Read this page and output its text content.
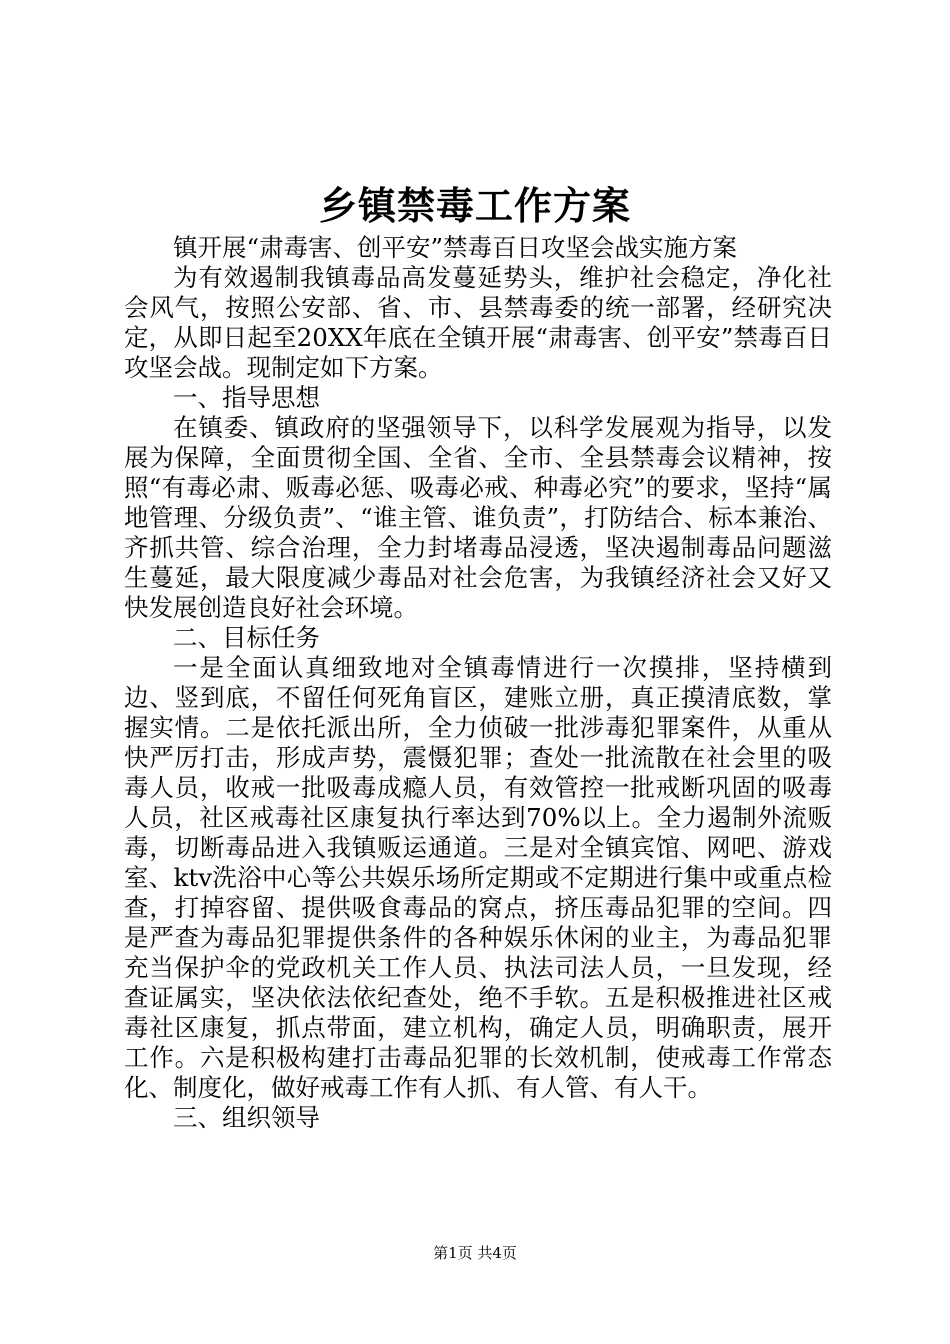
乡镇禁毒工作方案

镇开展“肃毒害、创平安”禁毒百日攻坚会战实施方案

为有效遏制我镇毒品高发蔓延势头，维护社会稳定，净化社会风气，按照公安部、省、市、县禁毒委的统一部署，经研究决定，从即日起至20XX年底在全镇开展“肃毒害、创平安”禁毒百日攻坚会战。现制定如下方案。

一、指导思想

在镇委、镇政府的坚强领导下，以科学发展观为指导，以发展为保障，全面贯彻全国、全省、全市、全县禁毒会议精神，按照“有毒必肃、贩毒必惩、吸毒必戒、种毒必究”的要求，坚持“属地管理、分级负责”、“谁主管、谁负责”，打防结合、标本兼治、齐抓共管、综合治理，全力封堵毒品浸透，坚决遏制毒品问题滋生蔓延，最大限度减少毒品对社会危害，为我镇经济社会又好又快发展创造良好社会环境。

二、目标任务

一是全面认真细致地对全镇毒情进行一次摸排，坚持横到边、竖到底，不留任何死角盲区，建账立册，真正摸清底数，掌握实情。二是依托派出所，全力侦破一批涉毒犯罪案件，从重从快严厉打击，形成声势，震慑犯罪；查处一批流散在社会里的吸毒人员，收戒一批吸毒成瘾人员，有效管控一批戒断巩固的吸毒人员，社区戒毒社区康复执行率达到70%以上。全力遏制外流贩毒，切断毒品进入我镇贩运通道。三是对全镇宾馆、网吧、游戏室、ktv洗浴中心等公共娱乐场所定期或不定期进行集中或重点检查，打掉容留、提供吸食毒品的窝点，挤压毒品犯罪的空间。四是严查为毒品犯罪提供条件的各种娱乐休闲的业主，为毒品犯罪充当保护伞的党政机关工作人员、执法司法人员，一旦发现，经查证属实，坚决依法依纪查处，绝不手软。五是积极推进社区戒毒社区康复，抓点带面，建立机构，确定人员，明确职责，展开工作。六是积极构建打击毒品犯罪的长效机制，使戒毒工作常态化、制度化，做好戒毒工作有人抓、有人管、有人干。

三、组织领导

第1页 共4页
